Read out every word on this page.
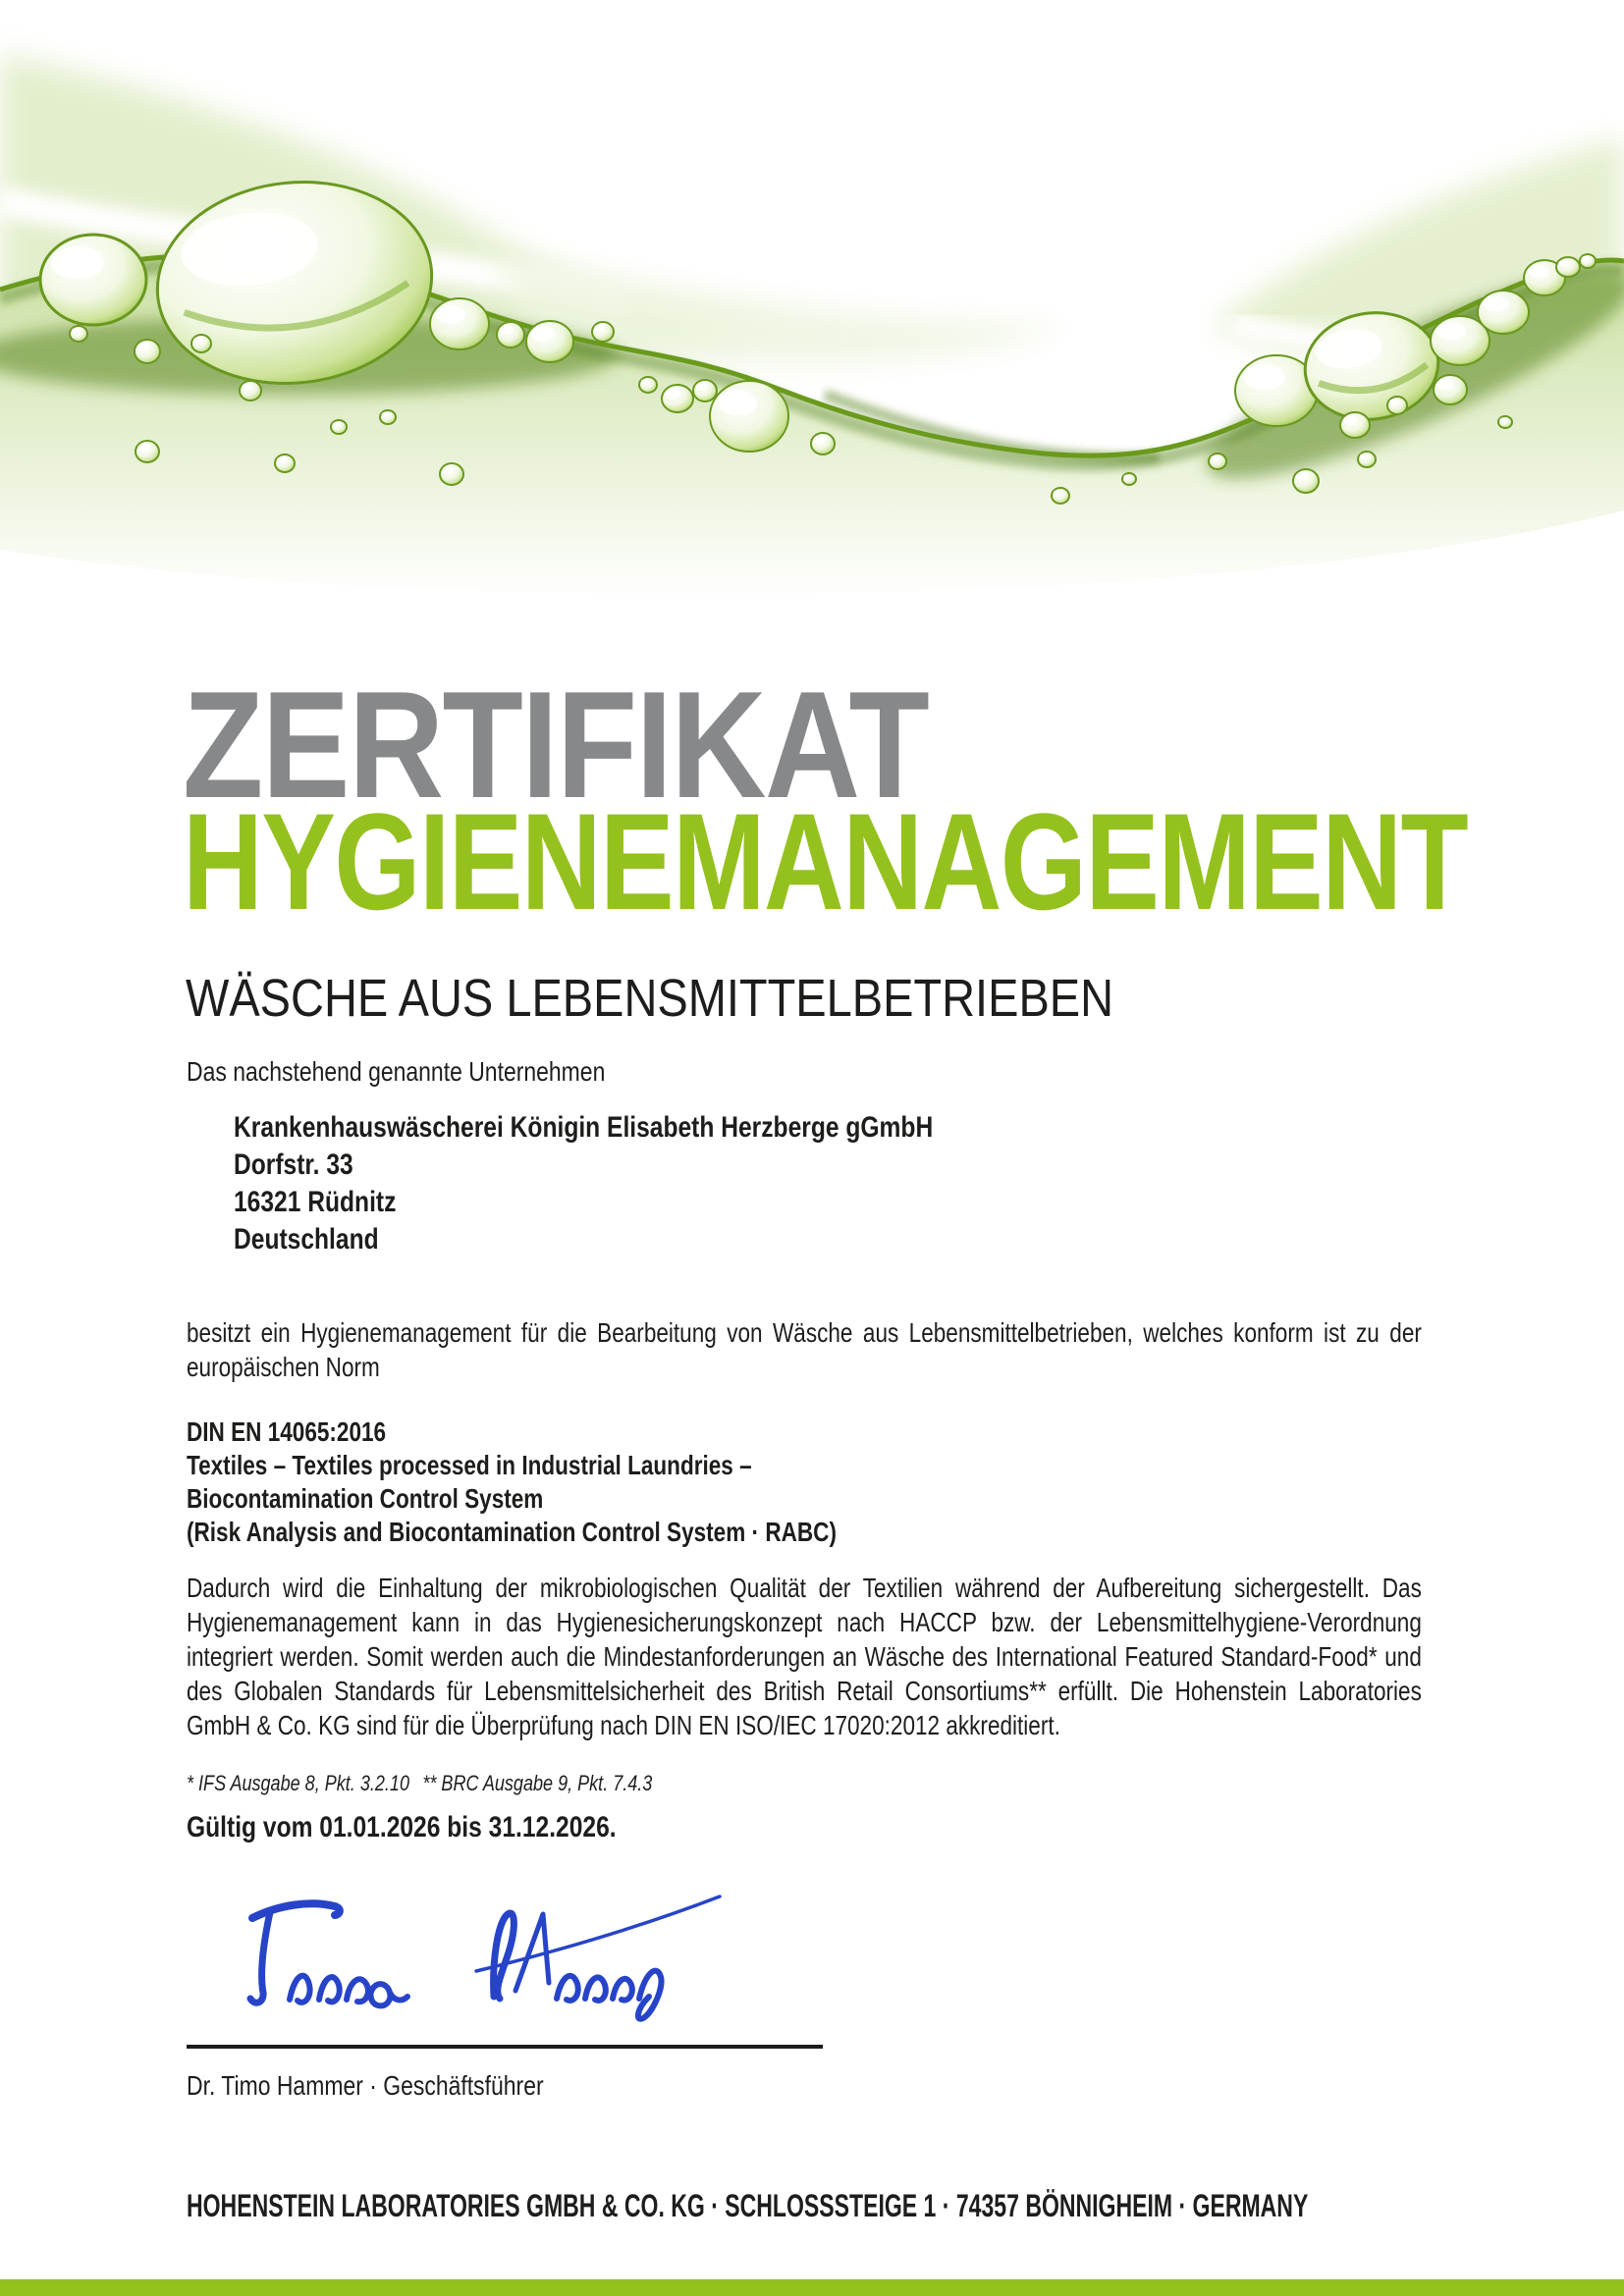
ZERTIFIKAT
HYGIENEMANAGEMENT
WÄSCHE AUS LEBENSMITTELBETRIEBEN
Das nachstehend genannte Unternehmen
Krankenhauswäscherei Königin Elisabeth Herzberge gGmbH
Dorfstr. 33
16321 Rüdnitz
Deutschland
besitzt ein Hygienemanagement für die Bearbeitung von Wäsche aus Lebensmittelbetrieben, welches konform ist zu der europäischen Norm
DIN EN 14065:2016
Textiles – Textiles processed in Industrial Laundries –
Biocontamination Control System
(Risk Analysis and Biocontamination Control System · RABC)
Dadurch wird die Einhaltung der mikrobiologischen Qualität der Textilien während der Aufbereitung sichergestellt. Das Hygienemanagement kann in das Hygienesicherungskonzept nach HACCP bzw. der Lebensmittelhygiene-Verordnung integriert werden. Somit werden auch die Mindestanforderungen an Wäsche des International Featured Standard-Food* und des Globalen Standards für Lebensmittelsicherheit des British Retail Consortiums** erfüllt. Die Hohenstein Laboratories GmbH & Co. KG sind für die Überprüfung nach DIN EN ISO/IEC 17020:2012 akkreditiert.
* IFS Ausgabe 8, Pkt. 3.2.10 ** BRC Ausgabe 9, Pkt. 7.4.3
Gültig vom 01.01.2026 bis 31.12.2026.
Dr. Timo Hammer · Geschäftsführer
HOHENSTEIN LABORATORIES GMBH & CO. KG · SCHLOSSSTEIGE 1 · 74357 BÖNNIGHEIM · GERMANY
